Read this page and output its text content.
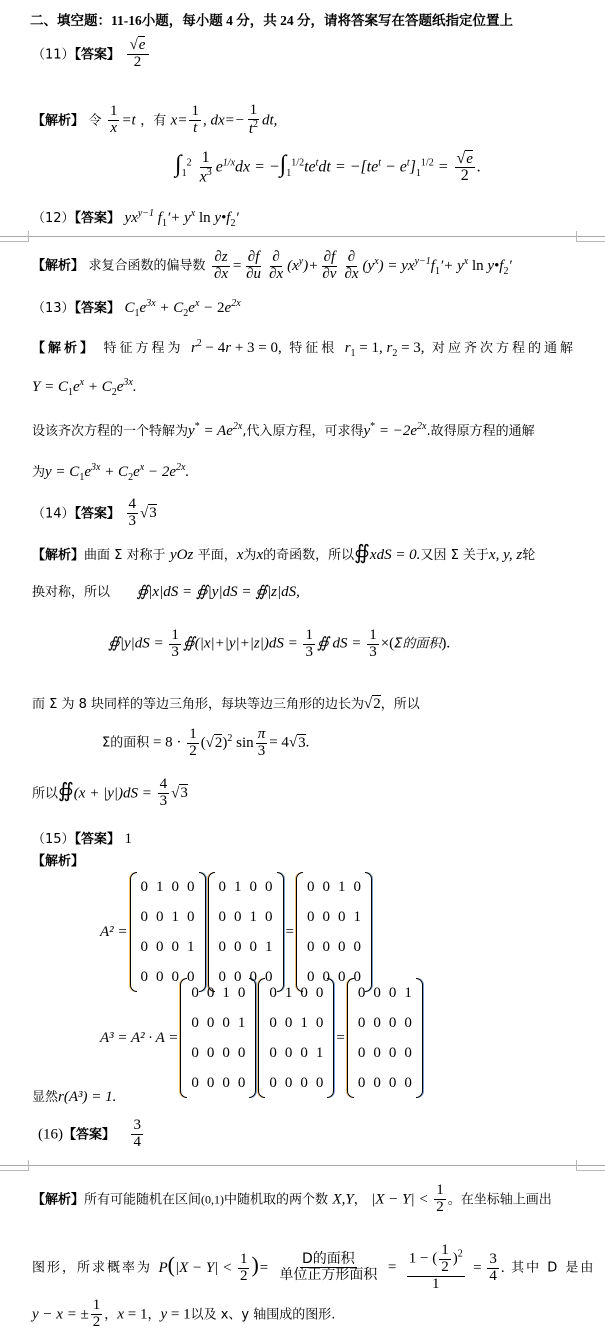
二、填空题：11-16小题，每小题 4 分，共 24 分，请将答案写在答题纸指定位置上
（11）【答案】 $\frac{√e}{2}$
【解析】 令 $\frac{1}{x} =t$ ，有 $x= \frac{1}{t}$ , $dx=- \frac{1}{t^2}$ dt,
$\int_1^2 \frac{1}{x^3} e^{1/x}dx = -\int_1^{1/2}te^tdt = -[te^t - e^t]_1^{1/2} = \frac{√e}{2}$ .
（12）【答案】 $yx^{y-1}$ $f_1'+ y^x$ $\ln y•f_2'$
【解析】 求复合函数的偏导数 $\frac{\partial z}{\partial x} = \frac{\partial f}{\partial u} \frac{\partial}{\partial x} (x^y)+ \frac{\partial f}{\partial v} \frac{\partial}{\partial x} (y^x) = yx^{y-1}f_1'+ y^x$ $\ln y•f_2'$
（13）【答案】 $C_1e^{3x} + C_2e^x - 2e^{2x}$
【解析】 特征方程为 $r^2 - 4r + 3 = 0$, 特征根 $r_1 = 1$, $r_2 = 3$, 对应齐次方程的通解
$Y = C_1e^x + C_2e^{3x}$.
设该齐次方程的一个特解为$y^* = Ae^{2x}$,代入原方程，可求得$y^* = -2e^{2x}$.故得原方程的通解
为$y = C_1e^{3x} + C_2e^x - 2e^{2x}$.
（14）【答案】 $\frac{4}{3} √3$
【解析】曲面 Σ 对称于 yOz 平面，x为x的奇函数，所以∯xdS = 0.又因 Σ 关于x, y, z轮
换对称，所以 ∯|x|dS = ∯|y|dS = ∯|z|dS,
∯|y|dS = $\frac{1}{3}$ ∯(|x|+|y|+|z|)dS = $\frac{1}{3}$ ∯ dS = $\frac{1}{3} \times(\Sigma$的面积).
而 Σ 为 8 块同样的等边三角形，每块等边三角形的边长为√2，所以
Σ的面积 = $8 \cdot \frac{1}{2} (√2)^2$ $\sin \frac{\pi}{3} = 4√3$.
所以∯(x + $|y|)dS = \frac{4}{3} √3$
（15）【答案】 1
【解析】
A² =
0	1	0	0
0	0	1	0
0	0	0	1
0	0	0	0
0	1	0	0
0	0	1	0
0	0	0	1
0	0	0	0
=
0	0	1	0
0	0	0	1
0	0	0	0
0	0	0	0
A³ = A² · A =
0	0	1	0
0	0	0	1
0	0	0	0
0	0	0	0
0	1	0	0
0	0	1	0
0	0	0	1
0	0	0	0
=
0	0	0	1
0	0	0	0
0	0	0	0
0	0	0	0
显然r(A³) = 1.
(16)【答案】 $\frac{3}{4}$
【解析】所有可能随机在区间(0,1)中随机取的两个数 X,Y， $|X - Y| < \frac{1}{2}$ 。在坐标轴上画出
图形，所求概率为 $P(|X - Y| < \frac{1}{2}$ )= $\frac{\text{D的面积}}{\text{单位正方形面积}} = \frac{1 - ( \frac{1}{2} )^2}{1} = \frac{3}{4}$ . 其中 D 是由
y − x = ± $\frac{1}{2}$ ，x = 1，y = 1以及 x、y 轴围成的图形.
